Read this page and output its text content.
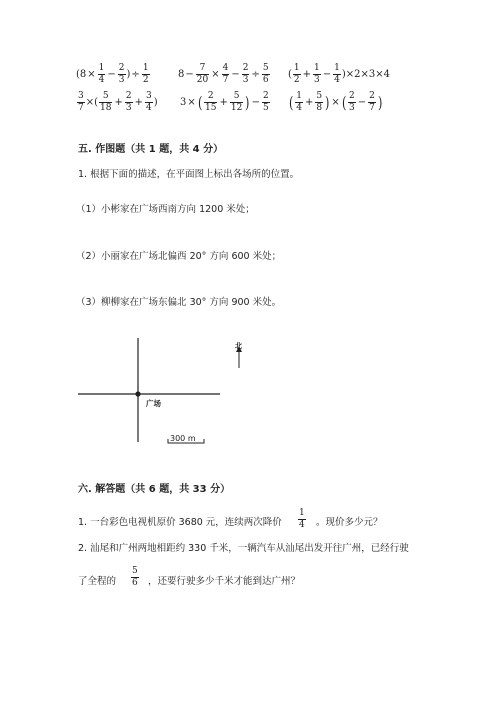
($8 \times \frac{1}{4} - \frac{2}{3}$ ) ÷ $\frac{1}{2}$	$8 - \frac{7}{20} \times \frac{4}{7} - \frac{2}{3} \div \frac{5}{6}$ ( $\frac{1}{2} + \frac{1}{3} - \frac{1}{4}$ ) ×2×3×4
$\frac{3}{7}$ ×( $\frac{5}{18} + \frac{2}{3} + \frac{3}{4}$ ) 3 × ( $\frac{2}{15} + \frac{5}{12}$ ) − $\frac{2}{5}$ ( $\frac{1}{4} + \frac{5}{8}$ ) × ( $\frac{2}{3} - \frac{2}{7}$ )
五. 作图题（共 1 题，共 4 分）
1. 根据下面的描述，在平面图上标出各场所的位置。
（1）小彬家在广场西南方向 1200 米处；
（2）小丽家在广场北偏西 20° 方向 600 米处；
（3）柳柳家在广场东偏北 30° 方向 900 米处。
北
广场
300 m
六. 解答题（共 6 题，共 33 分）
1. 一台彩色电视机原价 3680 元，连续两次降价 $\frac{1}{4}$ 。现价多少元？
2. 汕尾和广州两地相距约 330 千米，一辆汽车从汕尾出发开往广州，已经行驶
了全程的 $\frac{5}{6}$ ，还要行驶多少千米才能到达广州？
